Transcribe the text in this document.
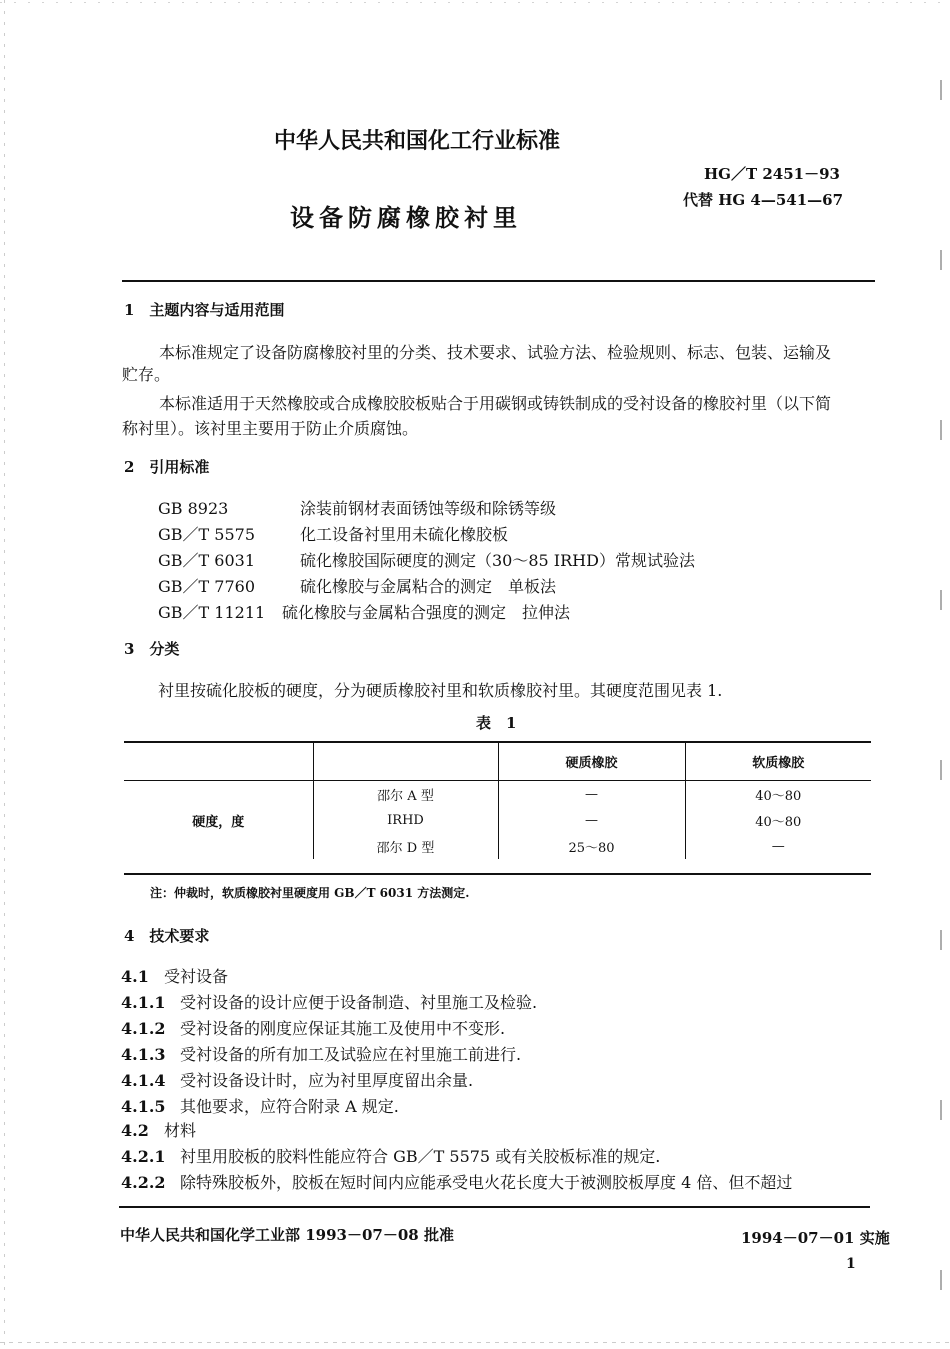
中华人民共和国化工行业标准
HG／T 2451－93
代替 HG 4—541—67
设备防腐橡胶衬里
1　主题内容与适用范围
本标准规定了设备防腐橡胶衬里的分类、技术要求、试验方法、检验规则、标志、包装、运输及
贮存。
本标准适用于天然橡胶或合成橡胶胶板贴合于用碳钢或铸铁制成的受衬设备的橡胶衬里（以下简
称衬里）。该衬里主要用于防止介质腐蚀。
2　引用标准
GB 8923	涂装前钢材表面锈蚀等级和除锈等级
GB／T 5575	化工设备衬里用未硫化橡胶板
GB／T 6031	硫化橡胶国际硬度的测定（30～85 IRHD）常规试验法
GB／T 7760	硫化橡胶与金属粘合的测定　单板法
GB／T 11211 硫化橡胶与金属粘合强度的测定　拉伸法
3　分类
衬里按硫化胶板的硬度，分为硬质橡胶衬里和软质橡胶衬里。其硬度范围见表 1.
表　1
		硬质橡胶	软质橡胶
硬度，度	邵尔 A 型	—	40～80
	IRHD	—	40～80
	邵尔 D 型	25～80	—
注：仲裁时，软质橡胶衬里硬度用 GB／T 6031 方法测定.
4　技术要求
4.1 受衬设备
4.1.1 受衬设备的设计应便于设备制造、衬里施工及检验.
4.1.2 受衬设备的刚度应保证其施工及使用中不变形.
4.1.3 受衬设备的所有加工及试验应在衬里施工前进行.
4.1.4 受衬设备设计时，应为衬里厚度留出余量.
4.1.5 其他要求，应符合附录 A 规定.
4.2 材料
4.2.1 衬里用胶板的胶料性能应符合 GB／T 5575 或有关胶板标准的规定.
4.2.2 除特殊胶板外，胶板在短时间内应能承受电火花长度大于被测胶板厚度 4 倍、但不超过
中华人民共和国化学工业部 1993－07－08 批准	1994－07－01 实施
1
